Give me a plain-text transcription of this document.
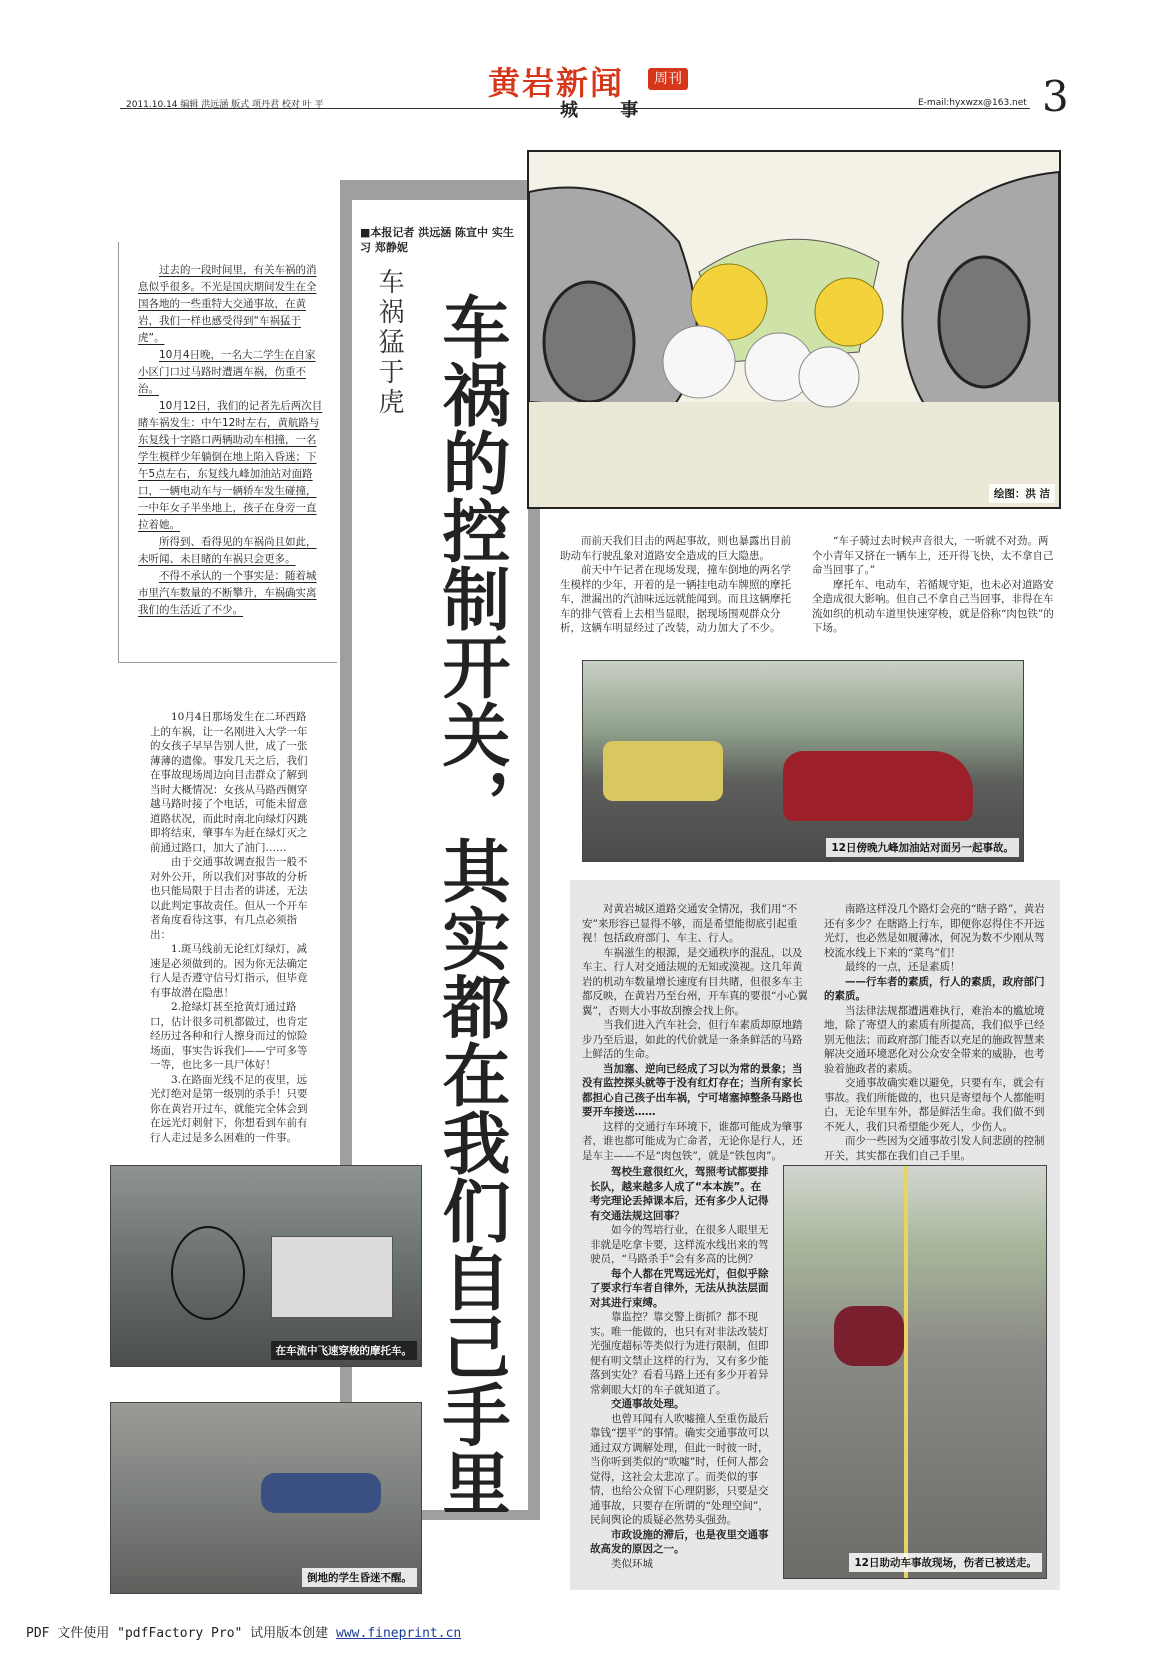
黄岩新闻	周刊
2011.10.14 编辑 洪远涵 版式 项丹君 校对 叶 平	城 事	E-mail:hyxwzx@163.net 3

过去的一段时间里，有关车祸的消息似乎很多。不光是国庆期间发生在全国各地的一些重特大交通事故，在黄岩，我们一样也感受得到“车祸猛于虎”。

10月4日晚，一名大二学生在自家小区门口过马路时遭遇车祸，伤重不治。

10月12日，我们的记者先后两次目睹车祸发生：中午12时左右，黄航路与东复线十字路口两辆助动车相撞，一名学生模样少年躺倒在地上陷入昏迷；下午5点左右，东复线九峰加油站对面路口，一辆电动车与一辆轿车发生碰撞，一中年女子半坐地上，孩子在身旁一直拉着她。

所得到、看得见的车祸尚且如此，未听闻、未目睹的车祸只会更多。

不得不承认的一个事实是：随着城市里汽车数量的不断攀升，车祸确实离我们的生活近了不少。

10月4日那场发生在二环西路上的车祸，让一名刚进入大学一年的女孩子早早告别人世，成了一张薄薄的遗像。事发几天之后，我们在事故现场周边向目击群众了解到当时大概情况：女孩从马路西侧穿越马路时接了个电话，可能未留意道路状况，而此时南北向绿灯闪跳即将结束，肇事车为赶在绿灯灭之前通过路口，加大了油门……

由于交通事故调查报告一般不对外公开，所以我们对事故的分析也只能局限于目击者的讲述，无法以此判定事故责任。但从一个开车者角度看待这事，有几点必须指出：

1.斑马线前无论红灯绿灯，减速是必须做到的。因为你无法确定行人是否遵守信号灯指示，但毕竟有事故潜在隐患！

2.抢绿灯甚至抢黄灯通过路口，估计很多司机都做过，也肯定经历过各种和行人擦身而过的惊险场面，事实告诉我们——宁可多等一等，也比多一具尸体好！

3.在路面光线不足的夜里，远光灯绝对是第一级别的杀手！只要你在黄岩开过车，就能完全体会到在远光灯刺射下，你想看到车前有行人走过是多么困难的一件事。

■本报记者 洪远涵 陈宣中 实生习 郑静妮
车祸猛于虎 车祸的控制开关，其实都在我们自己手里	绘图：洪 洁

而前天我们目击的两起事故，则也暴露出目前助动车行驶乱象对道路安全造成的巨大隐患。

前天中午记者在现场发现，撞车倒地的两名学生模样的少年，开着的是一辆挂电动车牌照的摩托车，泄漏出的汽油味远远就能闻到。而且这辆摩托车的排气管看上去相当显眼，据现场围观群众分析，这辆车明显经过了改装，动力加大了不少。

“车子骑过去时候声音很大，一听就不对劲。两个小青年又挤在一辆车上，还开得飞快，太不拿自己命当回事了。”

摩托车、电动车，若循规守矩，也未必对道路安全造成很大影响。但自己不拿自己当回事，非得在车流如织的机动车道里快速穿梭，就是俗称“肉包铁”的下场。

12日傍晚九峰加油站对面另一起事故。
在车流中飞速穿梭的摩托车。
倒地的学生昏迷不醒。

对黄岩城区道路交通安全情况，我们用“不安”来形容已显得不够，而是希望能彻底引起重视！包括政府部门、车主、行人。

车祸滋生的根源，是交通秩序的混乱，以及车主、行人对交通法规的无知或漠视。这几年黄岩的机动车数量增长速度有目共睹，但很多车主都反映，在黄岩乃至台州，开车真的要很“小心翼翼”，否则大小事故刮擦会找上你。

当我们进入汽车社会，但行车素质却原地踏步乃至后退，如此的代价就是一条条鲜活的马路上鲜活的生命。

当加塞、逆向已经成了习以为常的景象；当没有监控探头就等于没有红灯存在；当所有家长都担心自己孩子出车祸，宁可堵塞掉整条马路也要开车接送……

这样的交通行车环境下，谁都可能成为肇事者，谁也都可能成为亡命者，无论你是行人，还是车主——不是“肉包铁”，就是“铁包肉”。

驾校生意很红火，驾照考试都要排长队，越来越多人成了“本本族”。在考完理论丢掉课本后，还有多少人记得有交通法规这回事？

如今的驾培行业，在很多人眼里无非就是吃拿卡要，这样流水线出来的驾驶员，“马路杀手”会有多高的比例？

每个人都在咒骂远光灯，但似乎除了要求行车者自律外，无法从执法层面对其进行束缚。

靠监控？靠交警上街抓？都不现实。唯一能做的，也只有对非法改装灯光强度超标等类似行为进行限制，但即便有明文禁止这样的行为，又有多少能落到实处？看看马路上还有多少开着异常刺眼大灯的车子就知道了。

交通事故处理。

也曾耳闻有人吹嘘撞人至重伤最后靠钱“摆平”的事情。确实交通事故可以通过双方调解处理，但此一时彼一时，当你听到类似的“吹嘘”时，任何人都会觉得，这社会太悲凉了。而类似的事情，也给公众留下心理阴影，只要是交通事故，只要存在所谓的“处理空间”，民间舆论的质疑必然势头强劲。

市政设施的滞后，也是夜里交通事故高发的原因之一。

类似环城

南路这样没几个路灯会亮的“瞎子路”，黄岩还有多少？在瞎路上行车，即便你忍得住不开远光灯，也必然是如履薄冰，何况为数不少刚从驾校流水线上下来的“菜鸟”们！

最终的一点，还是素质！

——行车者的素质，行人的素质，政府部门的素质。

当法律法规都遭遇难执行，难治本的尴尬境地，除了寄望人的素质有所提高，我们似乎已经别无他法；而政府部门能否以充足的施政智慧来解决交通环境恶化对公众安全带来的威胁，也考验着施政者的素质。

交通事故确实难以避免，只要有车，就会有事故。我们所能做的，也只是寄望每个人都能明白，无论车里车外，都是鲜活生命。我们做不到不死人，我们只希望能少死人，少伤人。

而少一些因为交通事故引发人间悲剧的控制开关，其实都在我们自己手里。

12日助动车事故现场，伤者已被送走。
PDF 文件使用 "pdfFactory Pro" 试用版本创建 www.fineprint.cn
